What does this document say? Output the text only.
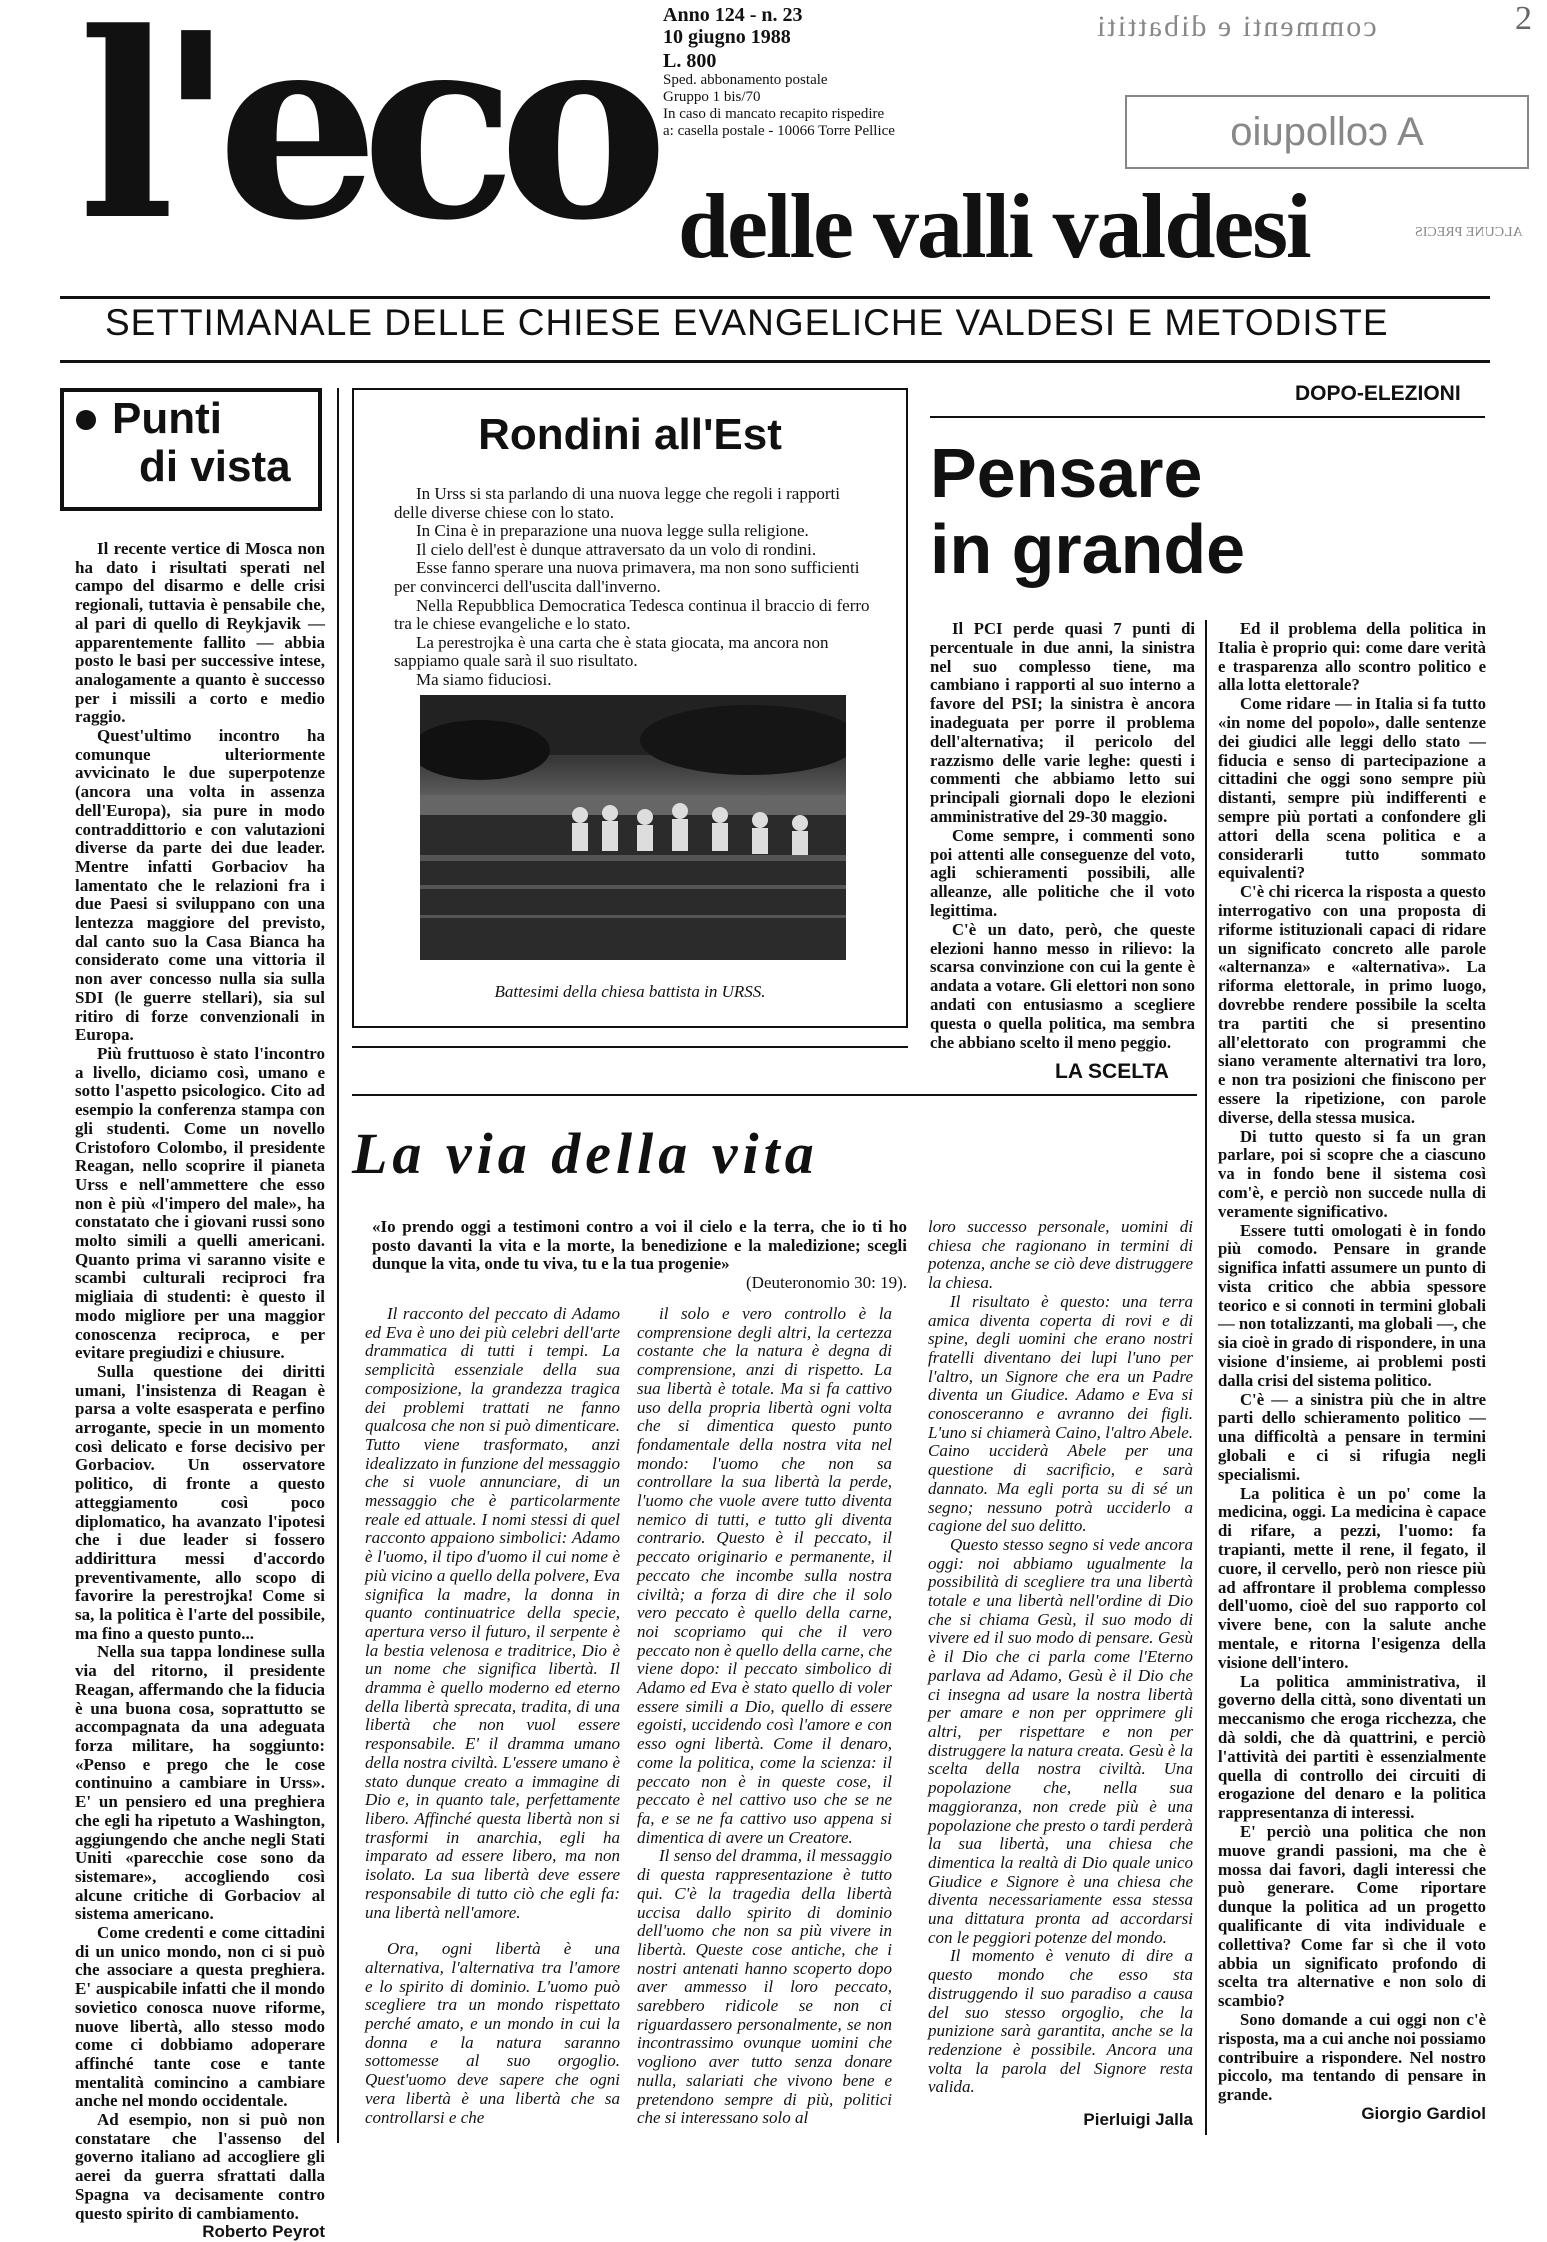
l'eco delle valli valdesi
Anno 124 - n. 23
10 giugno 1988
L. 800
Sped. abbonamento postale
Gruppo 1 bis/70
In caso di mancato recapito rispedire
a: casella postale - 10066 Torre Pellice
commenti e dibattiti	2
A colloquio
ALCUNE PRECIS
SETTIMANALE DELLE CHIESE EVANGELICHE VALDESI E METODISTE
Punti
di vista

Il recente vertice di Mosca non ha dato i risultati sperati nel campo del disarmo e delle crisi regionali, tuttavia è pensabile che, al pari di quello di Reykjavik — apparentemente fallito — abbia posto le basi per successive intese, analogamente a quanto è successo per i missili a corto e medio raggio.

Quest'ultimo incontro ha comunque ulteriormente avvicinato le due superpotenze (ancora una volta in assenza dell'Europa), sia pure in modo contraddittorio e con valutazioni diverse da parte dei due leader. Mentre infatti Gorbaciov ha lamentato che le relazioni fra i due Paesi si sviluppano con una lentezza maggiore del previsto, dal canto suo la Casa Bianca ha considerato come una vittoria il non aver concesso nulla sia sulla SDI (le guerre stellari), sia sul ritiro di forze convenzionali in Europa.

Più fruttuoso è stato l'incontro a livello, diciamo così, umano e sotto l'aspetto psicologico. Cito ad esempio la conferenza stampa con gli studenti. Come un novello Cristoforo Colombo, il presidente Reagan, nello scoprire il pianeta Urss e nell'ammettere che esso non è più «l'impero del male», ha constatato che i giovani russi sono molto simili a quelli americani. Quanto prima vi saranno visite e scambi culturali reciproci fra migliaia di studenti: è questo il modo migliore per una maggior conoscenza reciproca, e per evitare pregiudizi e chiusure.

Sulla questione dei diritti umani, l'insistenza di Reagan è parsa a volte esasperata e perfino arrogante, specie in un momento così delicato e forse decisivo per Gorbaciov. Un osservatore politico, di fronte a questo atteggiamento così poco diplomatico, ha avanzato l'ipotesi che i due leader si fossero addirittura messi d'accordo preventivamente, allo scopo di favorire la perestrojka! Come si sa, la politica è l'arte del possibile, ma fino a questo punto...

Nella sua tappa londinese sulla via del ritorno, il presidente Reagan, affermando che la fiducia è una buona cosa, soprattutto se accompagnata da una adeguata forza militare, ha soggiunto: «Penso e prego che le cose continuino a cambiare in Urss». E' un pensiero ed una preghiera che egli ha ripetuto a Washington, aggiungendo che anche negli Stati Uniti «parecchie cose sono da sistemare», accogliendo così alcune critiche di Gorbaciov al sistema americano.

Come credenti e come cittadini di un unico mondo, non ci si può che associare a questa preghiera. E' auspicabile infatti che il mondo sovietico conosca nuove riforme, nuove libertà, allo stesso modo come ci dobbiamo adoperare affinché tante cose e tante mentalità comincino a cambiare anche nel mondo occidentale.

Ad esempio, non si può non constatare che l'assenso del governo italiano ad accogliere gli aerei da guerra sfrattati dalla Spagna va decisamente contro questo spirito di cambiamento.

Roberto Peyrot
Rondini all'Est

In Urss si sta parlando di una nuova legge che regoli i rapporti delle diverse chiese con lo stato.

In Cina è in preparazione una nuova legge sulla religione.

Il cielo dell'est è dunque attraversato da un volo di rondini.

Esse fanno sperare una nuova primavera, ma non sono sufficienti per convincerci dell'uscita dall'inverno.

Nella Repubblica Democratica Tedesca continua il braccio di ferro tra le chiese evangeliche e lo stato.

La perestrojka è una carta che è stata giocata, ma ancora non sappiamo quale sarà il suo risultato.

Ma siamo fiduciosi.

Battesimi della chiesa battista in URSS.
LA SCELTA
DOPO-ELEZIONI
Pensare
in grande

Il PCI perde quasi 7 punti di percentuale in due anni, la sinistra nel suo complesso tiene, ma cambiano i rapporti al suo interno a favore del PSI; la sinistra è ancora inadeguata per porre il problema dell'alternativa; il pericolo del razzismo delle varie leghe: questi i commenti che abbiamo letto sui principali giornali dopo le elezioni amministrative del 29-30 maggio.

Come sempre, i commenti sono poi attenti alle conseguenze del voto, agli schieramenti possibili, alle alleanze, alle politiche che il voto legittima.

C'è un dato, però, che queste elezioni hanno messo in rilievo: la scarsa convinzione con cui la gente è andata a votare. Gli elettori non sono andati con entusiasmo a scegliere questa o quella politica, ma sembra che abbiano scelto il meno peggio.

Ed il problema della politica in Italia è proprio qui: come dare verità e trasparenza allo scontro politico e alla lotta elettorale?

Come ridare — in Italia si fa tutto «in nome del popolo», dalle sentenze dei giudici alle leggi dello stato — fiducia e senso di partecipazione a cittadini che oggi sono sempre più distanti, sempre più indifferenti e sempre più portati a confondere gli attori della scena politica e a considerarli tutto sommato equivalenti?

C'è chi ricerca la risposta a questo interrogativo con una proposta di riforme istituzionali capaci di ridare un significato concreto alle parole «alternanza» e «alternativa». La riforma elettorale, in primo luogo, dovrebbe rendere possibile la scelta tra partiti che si presentino all'elettorato con programmi che siano veramente alternativi tra loro, e non tra posizioni che finiscono per essere la ripetizione, con parole diverse, della stessa musica.

Di tutto questo si fa un gran parlare, poi si scopre che a ciascuno va in fondo bene il sistema così com'è, e perciò non succede nulla di veramente significativo.

Essere tutti omologati è in fondo più comodo. Pensare in grande significa infatti assumere un punto di vista critico che abbia spessore teorico e si connoti in termini globali — non totalizzanti, ma globali —, che sia cioè in grado di rispondere, in una visione d'insieme, ai problemi posti dalla crisi del sistema politico.

C'è — a sinistra più che in altre parti dello schieramento politico — una difficoltà a pensare in termini globali e ci si rifugia negli specialismi.

La politica è un po' come la medicina, oggi. La medicina è capace di rifare, a pezzi, l'uomo: fa trapianti, mette il rene, il fegato, il cuore, il cervello, però non riesce più ad affrontare il problema complesso dell'uomo, cioè del suo rapporto col vivere bene, con la salute anche mentale, e ritorna l'esigenza della visione dell'intero.

La politica amministrativa, il governo della città, sono diventati un meccanismo che eroga ricchezza, che dà soldi, che dà quattrini, e perciò l'attività dei partiti è essenzialmente quella di controllo dei circuiti di erogazione del denaro e la politica rappresentanza di interessi.

E' perciò una politica che non muove grandi passioni, ma che è mossa dai favori, dagli interessi che può generare. Come riportare dunque la politica ad un progetto qualificante di vita individuale e collettiva? Come far sì che il voto abbia un significato profondo di scelta tra alternative e non solo di scambio?

Sono domande a cui oggi non c'è risposta, ma a cui anche noi possiamo contribuire a rispondere. Nel nostro piccolo, ma tentando di pensare in grande.

Giorgio Gardiol
La via della vita
«Io prendo oggi a testimoni contro a voi il cielo e la terra, che io ti ho posto davanti la vita e la morte, la benedizione e la maledizione; scegli dunque la vita, onde tu viva, tu e la tua progenie»
(Deuteronomio 30: 19).

Il racconto del peccato di Adamo ed Eva è uno dei più celebri dell'arte drammatica di tutti i tempi. La semplicità essenziale della sua composizione, la grandezza tragica dei problemi trattati ne fanno qualcosa che non si può dimenticare. Tutto viene trasformato, anzi idealizzato in funzione del messaggio che si vuole annunciare, di un messaggio che è particolarmente reale ed attuale. I nomi stessi di quel racconto appaiono simbolici: Adamo è l'uomo, il tipo d'uomo il cui nome è più vicino a quello della polvere, Eva significa la madre, la donna in quanto continuatrice della specie, apertura verso il futuro, il serpente è la bestia velenosa e traditrice, Dio è un nome che significa libertà. Il dramma è quello moderno ed eterno della libertà sprecata, tradita, di una libertà che non vuol essere responsabile. E' il dramma umano della nostra civiltà. L'essere umano è stato dunque creato a immagine di Dio e, in quanto tale, perfettamente libero. Affinché questa libertà non si trasformi in anarchia, egli ha imparato ad essere libero, ma non isolato. La sua libertà deve essere responsabile di tutto ciò che egli fa: una libertà nell'amore.

Ora, ogni libertà è una alternativa, l'alternativa tra l'amore e lo spirito di dominio. L'uomo può scegliere tra un mondo rispettato perché amato, e un mondo in cui la donna e la natura saranno sottomesse al suo orgoglio. Quest'uomo deve sapere che ogni vera libertà è una libertà che sa controllarsi e che

il solo e vero controllo è la comprensione degli altri, la certezza costante che la natura è degna di comprensione, anzi di rispetto. La sua libertà è totale. Ma si fa cattivo uso della propria libertà ogni volta che si dimentica questo punto fondamentale della nostra vita nel mondo: l'uomo che non sa controllare la sua libertà la perde, l'uomo che vuole avere tutto diventa nemico di tutti, e tutto gli diventa contrario. Questo è il peccato, il peccato originario e permanente, il peccato che incombe sulla nostra civiltà; a forza di dire che il solo vero peccato è quello della carne, noi scopriamo qui che il vero peccato non è quello della carne, che viene dopo: il peccato simbolico di Adamo ed Eva è stato quello di voler essere simili a Dio, quello di essere egoisti, uccidendo così l'amore e con esso ogni libertà. Come il denaro, come la politica, come la scienza: il peccato non è in queste cose, il peccato è nel cattivo uso che se ne fa, e se ne fa cattivo uso appena si dimentica di avere un Creatore.

Il senso del dramma, il messaggio di questa rappresentazione è tutto qui. C'è la tragedia della libertà uccisa dallo spirito di dominio dell'uomo che non sa più vivere in libertà. Queste cose antiche, che i nostri antenati hanno scoperto dopo aver ammesso il loro peccato, sarebbero ridicole se non ci riguardassero personalmente, se non incontrassimo ovunque uomini che vogliono aver tutto senza donare nulla, salariati che vivono bene e pretendono sempre di più, politici che si interessano solo al

loro successo personale, uomini di chiesa che ragionano in termini di potenza, anche se ciò deve distruggere la chiesa.

Il risultato è questo: una terra amica diventa coperta di rovi e di spine, degli uomini che erano nostri fratelli diventano dei lupi l'uno per l'altro, un Signore che era un Padre diventa un Giudice. Adamo e Eva si conosceranno e avranno dei figli. L'uno si chiamerà Caino, l'altro Abele. Caino ucciderà Abele per una questione di sacrificio, e sarà dannato. Ma egli porta su di sé un segno; nessuno potrà ucciderlo a cagione del suo delitto.

Questo stesso segno si vede ancora oggi: noi abbiamo ugualmente la possibilità di scegliere tra una libertà totale e una libertà nell'ordine di Dio che si chiama Gesù, il suo modo di vivere ed il suo modo di pensare. Gesù è il Dio che ci parla come l'Eterno parlava ad Adamo, Gesù è il Dio che ci insegna ad usare la nostra libertà per amare e non per opprimere gli altri, per rispettare e non per distruggere la natura creata. Gesù è la scelta della nostra civiltà. Una popolazione che, nella sua maggioranza, non crede più è una popolazione che presto o tardi perderà la sua libertà, una chiesa che dimentica la realtà di Dio quale unico Giudice e Signore è una chiesa che diventa necessariamente essa stessa una dittatura pronta ad accordarsi con le peggiori potenze del mondo.

Il momento è venuto di dire a questo mondo che esso sta distruggendo il suo paradiso a causa del suo stesso orgoglio, che la punizione sarà garantita, anche se la redenzione è possibile. Ancora una volta la parola del Signore resta valida.

Pierluigi Jalla
